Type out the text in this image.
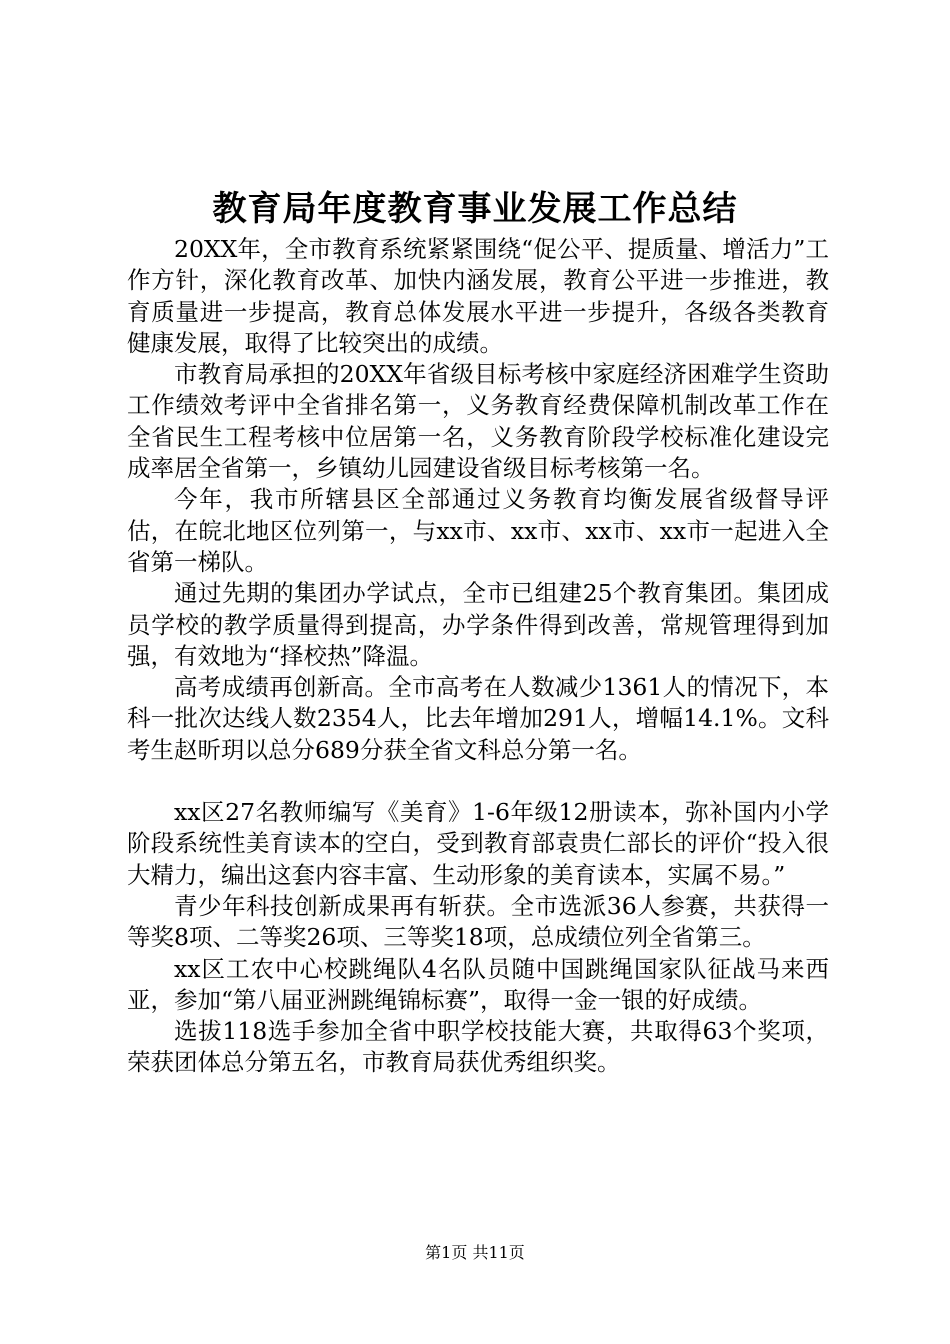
教育局年度教育事业发展工作总结

20XX年，全市教育系统紧紧围绕“促公平、提质量、增活力”工作方针，深化教育改革、加快内涵发展，教育公平进一步推进，教育质量进一步提高，教育总体发展水平进一步提升，各级各类教育健康发展，取得了比较突出的成绩。

市教育局承担的20XX年省级目标考核中家庭经济困难学生资助工作绩效考评中全省排名第一，义务教育经费保障机制改革工作在全省民生工程考核中位居第一名，义务教育阶段学校标准化建设完成率居全省第一，乡镇幼儿园建设省级目标考核第一名。

今年，我市所辖县区全部通过义务教育均衡发展省级督导评估，在皖北地区位列第一，与xx市、xx市、xx市、xx市一起进入全省第一梯队。

通过先期的集团办学试点，全市已组建25个教育集团。集团成员学校的教学质量得到提高，办学条件得到改善，常规管理得到加强，有效地为“择校热”降温。

高考成绩再创新高。全市高考在人数减少1361人的情况下，本科一批次达线人数2354人，比去年增加291人，增幅14.1%。文科考生赵昕玥以总分689分获全省文科总分第一名。

xx区27名教师编写《美育》1-6年级12册读本，弥补国内小学阶段系统性美育读本的空白，受到教育部袁贵仁部长的评价“投入很大精力，编出这套内容丰富、生动形象的美育读本，实属不易。”

青少年科技创新成果再有斩获。全市选派36人参赛，共获得一等奖8项、二等奖26项、三等奖18项，总成绩位列全省第三。

xx区工农中心校跳绳队4名队员随中国跳绳国家队征战马来西亚，参加“第八届亚洲跳绳锦标赛”，取得一金一银的好成绩。

选拔118选手参加全省中职学校技能大赛，共取得63个奖项，荣获团体总分第五名，市教育局获优秀组织奖。

第1页 共11页
